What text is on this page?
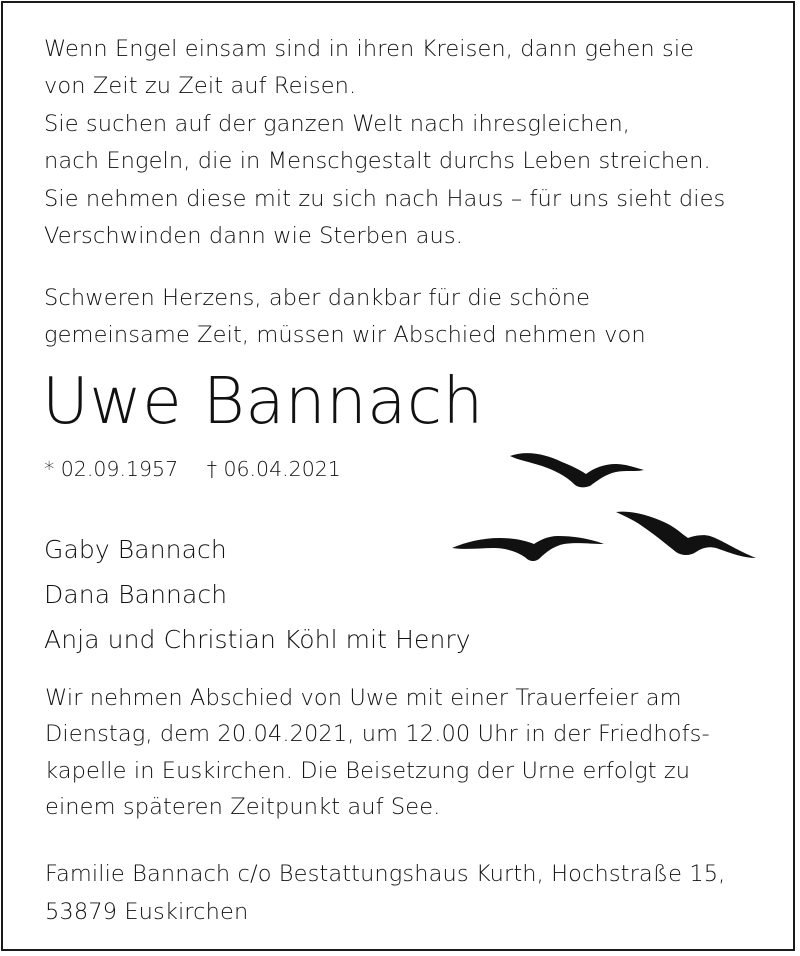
Wenn Engel einsam sind in ihren Kreisen, dann gehen sie
von Zeit zu Zeit auf Reisen.
Sie suchen auf der ganzen Welt nach ihresgleichen,
nach Engeln, die in Menschgestalt durchs Leben streichen.
Sie nehmen diese mit zu sich nach Haus – für uns sieht dies
Verschwinden dann wie Sterben aus.
Schweren Herzens, aber dankbar für die schöne
gemeinsame Zeit, müssen wir Abschied nehmen von
Uwe Bannach
* 02.09.1957 † 06.04.2021
Gaby Bannach
Dana Bannach
Anja und Christian Köhl mit Henry
Wir nehmen Abschied von Uwe mit einer Trauerfeier am
Dienstag, dem 20.04.2021, um 12.00 Uhr in der Friedhofs-
kapelle in Euskirchen. Die Beisetzung der Urne erfolgt zu
einem späteren Zeitpunkt auf See.
Familie Bannach c/o Bestattungshaus Kurth, Hochstraße 15,
53879 Euskirchen
